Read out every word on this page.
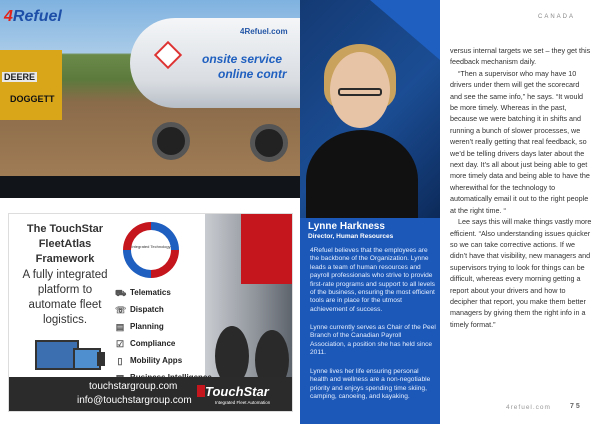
DEERE
DOGGETT
4Refuel.com
onsite service
online contr
4Refuel
The TouchStar FleetAtlas Framework
A fully integrated platform to automate fleet logistics.
Integrated Technology
⛟ Telematics
☏ Dispatch
▤ Planning
☑ Compliance
▯ Mobility Apps
touchstargroup.com
info@touchstargroup.com
TouchStar
Integrated Fleet Automation
Lynne Harkness
Director, Human Resources

4Refuel believes that the employees are the backbone of the Organization. Lynne leads a team of human resources and payroll professionals who strive to provide first-rate programs and support to all levels of the business, ensuring the most efficient tools are in place for the utmost achievement of success.

Lynne currently serves as Chair of the Peel Branch of the Canadian Payroll Association, a position she has held since 2011.

Lynne lives her life ensuring personal health and wellness are a non-negotiable priority and enjoys spending time skiing, camping, canoeing, and kayaking.

CANADA

versus internal targets we set – they get this feedback mechanism daily.

“Then a supervisor who may have 10 drivers under them will get the scorecard and see the same info,” he says. “It would be more timely. Whereas in the past, because we were batching it in shifts and running a bunch of slower processes, we weren’t really getting that real feedback, so we’d be telling drivers days later about the next day. It’s all about just being able to get more timely data and being able to have the wherewithal for the technology to automatically email it out to the right people at the right time. “

Lee says this will make things vastly more efficient. “Also understanding issues quicker so we can take corrective actions. If we didn’t have that visibility, new managers and supervisors trying to look for things can be difficult, whereas every morning getting a report about your drivers and how to decipher that report, you make them better managers by giving them the right info in a timely format.”

4refuel.com	75
